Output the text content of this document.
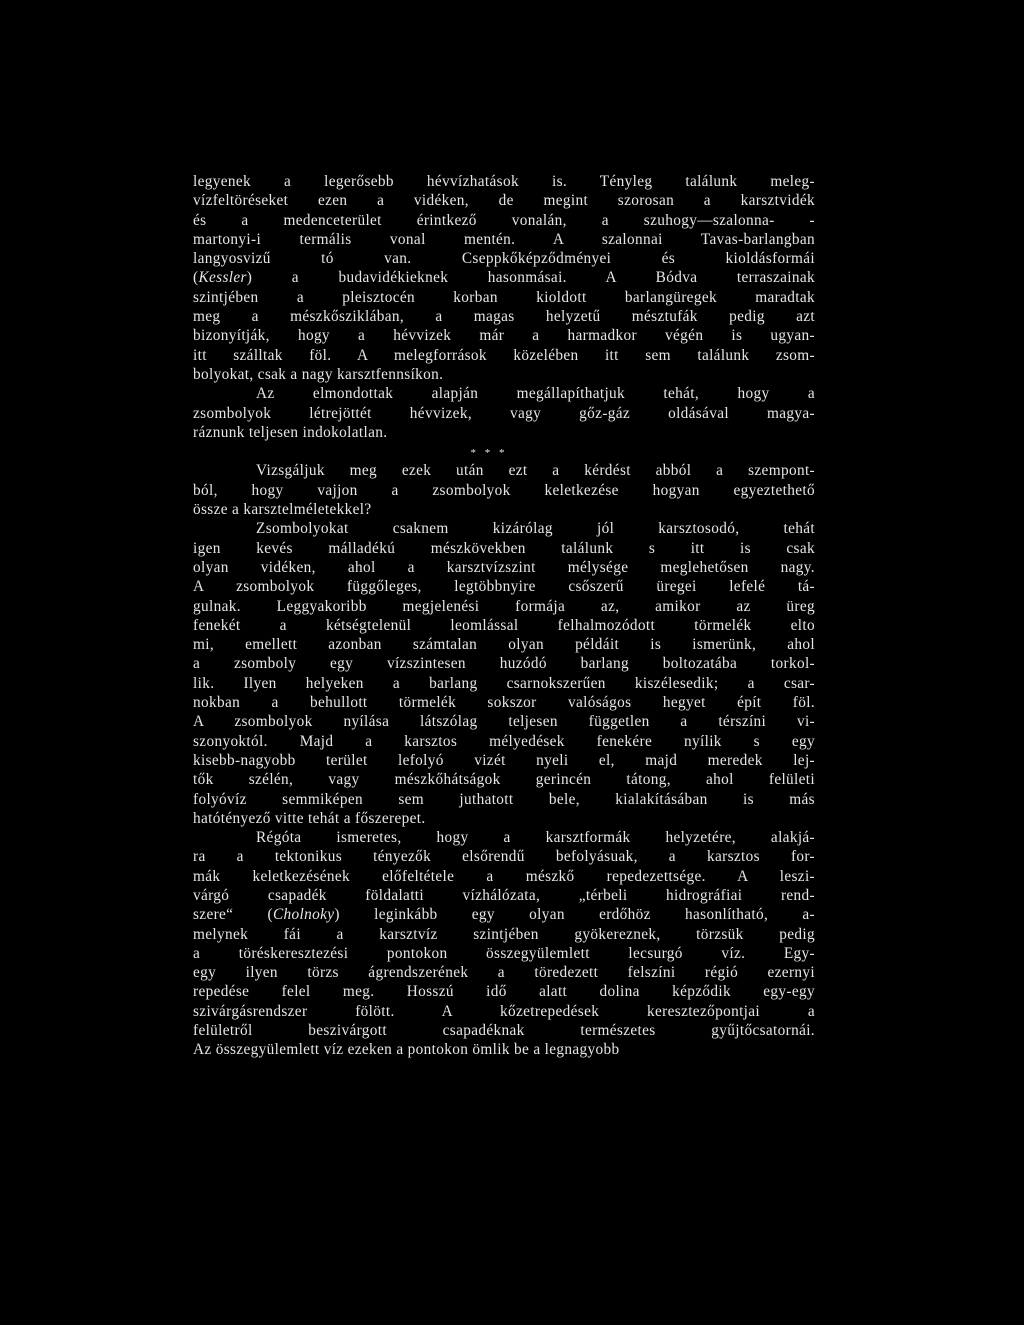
legyenek a legerősebb hévvízhatások is. Tényleg találunk meleg-
vízfeltöréseket ezen a vidéken, de megint szorosan a karsztvidék
és a medenceterület érintkező vonalán, a szuhogy—szalonna- -
martonyi-i termális vonal mentén. A szalonnai Tavas-barlangban
langyosvizű tó van. Cseppkőképződményei és kioldásformái
(Kessler) a budavidékieknek hasonmásai. A Bódva terraszainak
szintjében a pleisztocén korban kioldott barlangüregek maradtak
meg a mészkősziklában, a magas helyzetű mésztufák pedig azt
bizonyítják, hogy a hévvizek már a harmadkor végén is ugyan-
itt szálltak föl. A melegforrások közelében itt sem találunk zsom-
bolyokat, csak a nagy karsztfennsíkon.
Az elmondottak alapján megállapíthatjuk tehát, hogy a
zsombolyok létrejöttét hévvizek, vagy gőz-gáz oldásával magya-
ráznunk teljesen indokolatlan.
* * *
Vizsgáljuk meg ezek után ezt a kérdést abból a szempont-
ból, hogy vajjon a zsombolyok keletkezése hogyan egyeztethető
össze a karsztelméletekkel?
Zsombolyokat csaknem kizárólag jól karsztosodó, tehát
igen kevés málladékú mészkövekben találunk s itt is csak
olyan vidéken, ahol a karsztvízszint mélysége meglehetősen nagy.
A zsombolyok függőleges, legtöbbnyire csőszerű üregei lefelé tá-
gulnak. Leggyakoribb megjelenési formája az, amikor az üreg
fenekét a kétségtelenül leomlással felhalmozódott törmelék elto
mi, emellett azonban számtalan olyan példáit is ismerünk, ahol
a zsomboly egy vízszintesen huzódó barlang boltozatába torkol-
lik. Ilyen helyeken a barlang csarnokszerűen kiszélesedik; a csar-
nokban a behullott törmelék sokszor valóságos hegyet épít föl.
A zsombolyok nyílása látszólag teljesen független a térszíni vi-
szonyoktól. Majd a karsztos mélyedések fenekére nyílik s egy
kisebb-nagyobb terület lefolyó vizét nyeli el, majd meredek lej-
tők szélén, vagy mészkőhátságok gerincén tátong, ahol felületi
folyóvíz semmiképen sem juthatott bele, kialakításában is más
hatótényező vitte tehát a főszerepet.
Régóta ismeretes, hogy a karsztformák helyzetére, alakjá-
ra a tektonikus tényezők elsőrendű befolyásuak, a karsztos for-
mák keletkezésének előfeltétele a mészkő repedezettsége. A leszi-
várgó csapadék földalatti vízhálózata, „térbeli hidrográfiai rend-
szere“ (Cholnoky) leginkább egy olyan erdőhöz hasonlítható, a-
melynek fái a karsztvíz szintjében gyökereznek, törzsük pedig
a töréskeresztezési pontokon összegyülemlett lecsurgó víz. Egy-
egy ilyen törzs ágrendszerének a töredezett felszíni régió ezernyi
repedése felel meg. Hosszú idő alatt dolina képződik egy-egy
szivárgásrendszer fölött. A kőzetrepedések keresztezőpontjai a
felületről beszivárgott csapadéknak természetes gyűjtőcsatornái.
Az összegyülemlett víz ezeken a pontokon ömlik be a legnagyobb
